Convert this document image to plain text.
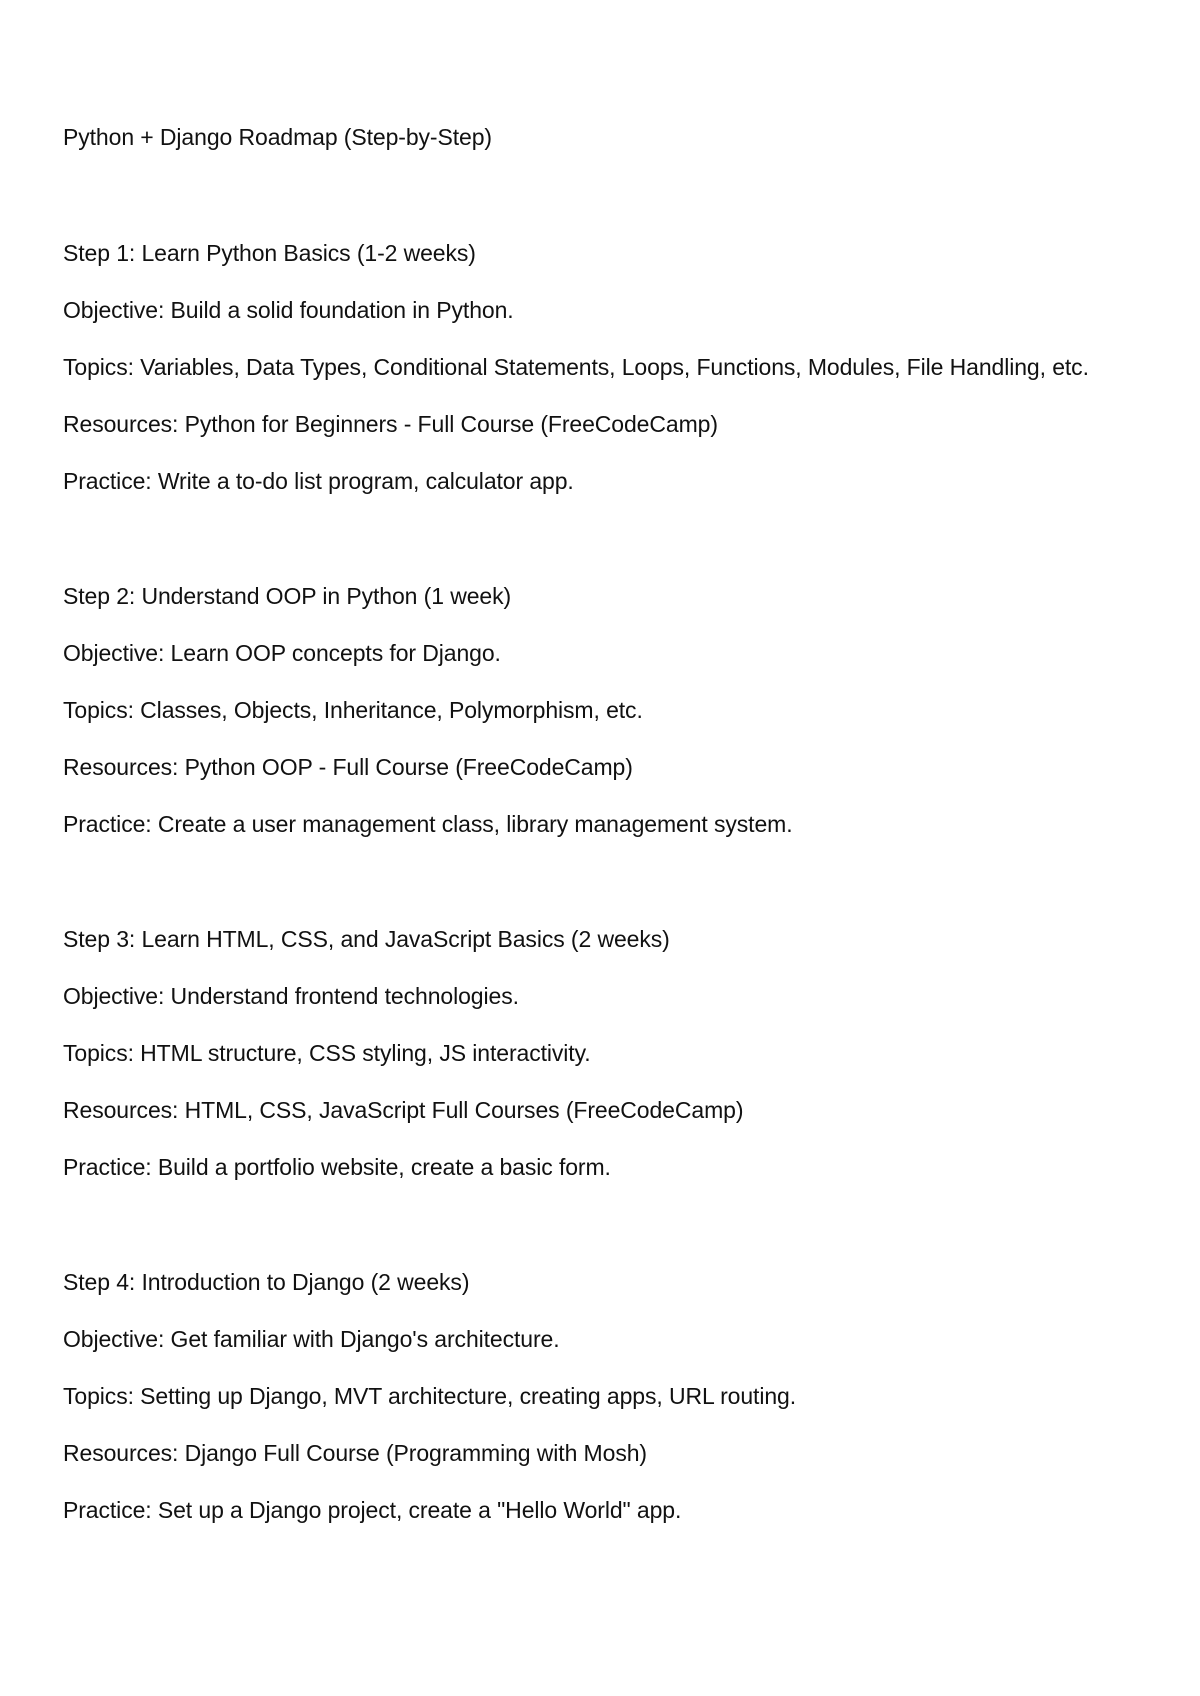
Python + Django Roadmap (Step-by-Step)
Step 1: Learn Python Basics (1-2 weeks)
Objective: Build a solid foundation in Python.
Topics: Variables, Data Types, Conditional Statements, Loops, Functions, Modules, File Handling, etc.
Resources: Python for Beginners - Full Course (FreeCodeCamp)
Practice: Write a to-do list program, calculator app.
Step 2: Understand OOP in Python (1 week)
Objective: Learn OOP concepts for Django.
Topics: Classes, Objects, Inheritance, Polymorphism, etc.
Resources: Python OOP - Full Course (FreeCodeCamp)
Practice: Create a user management class, library management system.
Step 3: Learn HTML, CSS, and JavaScript Basics (2 weeks)
Objective: Understand frontend technologies.
Topics: HTML structure, CSS styling, JS interactivity.
Resources: HTML, CSS, JavaScript Full Courses (FreeCodeCamp)
Practice: Build a portfolio website, create a basic form.
Step 4: Introduction to Django (2 weeks)
Objective: Get familiar with Django's architecture.
Topics: Setting up Django, MVT architecture, creating apps, URL routing.
Resources: Django Full Course (Programming with Mosh)
Practice: Set up a Django project, create a "Hello World" app.
